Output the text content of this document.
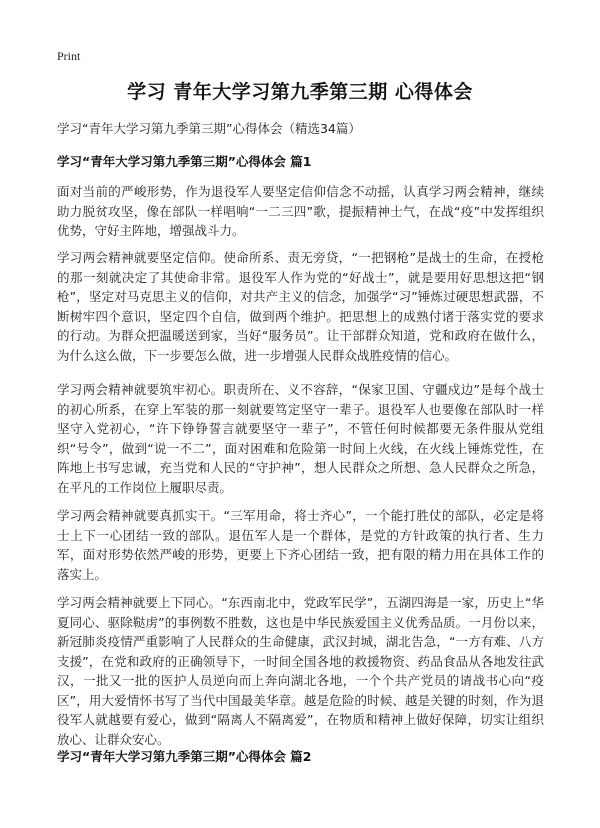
Print
学习 青年大学习第九季第三期 心得体会
学习“青年大学习第九季第三期”心得体会（精选34篇）
学习“青年大学习第九季第三期”心得体会 篇1

面对当前的严峻形势，作为退役军人要坚定信仰信念不动摇，认真学习两会精神，继续助力脱贫攻坚，像在部队一样唱响“一二三四”歌，提振精神士气，在战“疫”中发挥组织优势，守好主阵地，增强战斗力。

学习两会精神就要坚定信仰。使命所系、责无旁贷，“一把钢枪”是战士的生命，在授枪的那一刻就决定了其使命非常。退役军人作为党的“好战士”，就是要用好思想这把“钢枪”，坚定对马克思主义的信仰，对共产主义的信念，加强学“习”锤炼过硬思想武器，不断树牢四个意识，坚定四个自信，做到两个维护。把思想上的成熟付诸于落实党的要求的行动。为群众把温暖送到家，当好“服务员”。让干部群众知道，党和政府在做什么，为什么这么做，下一步要怎么做，进一步增强人民群众战胜疫情的信心。

学习两会精神就要筑牢初心。职责所在、义不容辞，“保家卫国、守疆戍边”是每个战士的初心所系，在穿上军装的那一刻就要笃定坚守一辈子。退役军人也要像在部队时一样坚守入党初心，“许下铮铮誓言就要坚守一辈子”，不管任何时候都要无条件服从党组织“号令”，做到“说一不二”，面对困难和危险第一时间上火线，在火线上锤炼党性，在阵地上书写忠诚，充当党和人民的“守护神”，想人民群众之所想、急人民群众之所急，在平凡的工作岗位上履职尽责。

学习两会精神就要真抓实干。“三军用命，将士齐心”，一个能打胜仗的部队，必定是将士上下一心团结一致的部队。退伍军人是一个群体，是党的方针政策的执行者、生力军，面对形势依然严峻的形势，更要上下齐心团结一致，把有限的精力用在具体工作的落实上。

学习两会精神就要上下同心。“东西南北中，党政军民学”，五湖四海是一家，历史上“华夏同心、驱除鞑虏”的事例数不胜数，这也是中华民族爱国主义优秀品质。一月份以来，新冠肺炎疫情严重影响了人民群众的生命健康，武汉封城，湖北告急，“一方有难、八方支援”，在党和政府的正确领导下，一时间全国各地的救援物资、药品食品从各地发往武汉，一批又一批的医护人员逆向而上奔向湖北各地，一个个共产党员的请战书心向“疫区”，用大爱情怀书写了当代中国最美华章。越是危险的时候、越是关键的时刻，作为退役军人就越要有爱心，做到“隔离人不隔离爱”，在物质和精神上做好保障，切实让组织放心、让群众安心。

学习“青年大学习第九季第三期”心得体会 篇2
